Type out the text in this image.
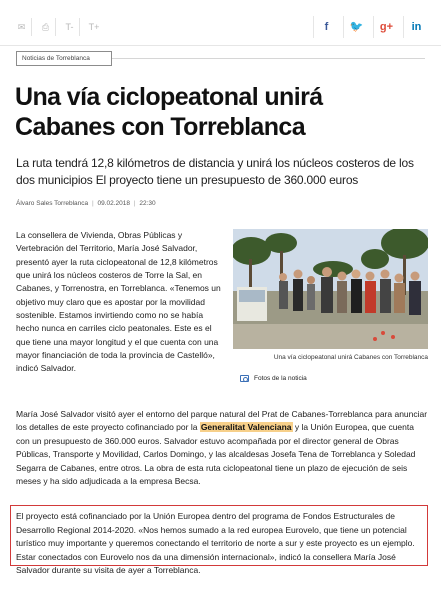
✉	⎙	T-	T+	f	🐦	g+	in
Noticias de Torreblanca
Una vía ciclopeatonal unirá Cabanes con Torreblanca

La ruta tendrá 12,8 kilómetros de distancia y unirá los núcleos costeros de los dos municipios El proyecto tiene un presupuesto de 360.000 euros

Álvaro Sales Torreblanca | 09.02.2018 | 22:30

La consellera de Vivienda, Obras Públicas y Vertebración del Territorio, María José Salvador, presentó ayer la ruta ciclopeatonal de 12,8 kilómetros que unirá los núcleos costeros de Torre la Sal, en Cabanes, y Torrenostra, en Torreblanca. «Tenemos un objetivo muy claro que es apostar por la movilidad sostenible. Estamos invirtiendo como no se había hecho nunca en carriles ciclo peatonales. Este es el que tiene una mayor longitud y el que cuenta con una mayor financiación de toda la provincia de Castelló», indicó Salvador.

Una vía ciclopeatonal unirá Cabanes con Torreblanca
Fotos de la noticia

María José Salvador visitó ayer el entorno del parque natural del Prat de Cabanes-Torreblanca para anunciar los detalles de este proyecto cofinanciado por la Generalitat Valenciana y la Unión Europea, que cuenta con un presupuesto de 360.000 euros. Salvador estuvo acompañada por el director general de Obras Públicas, Transporte y Movilidad, Carlos Domingo, y las alcaldesas Josefa Tena de Torreblanca y Soledad Segarra de Cabanes, entre otros. La obra de esta ruta ciclopeatonal tiene un plazo de ejecución de seis meses y ha sido adjudicada a la empresa Becsa.

El proyecto está cofinanciado por la Unión Europea dentro del programa de Fondos Estructurales de Desarrollo Regional 2014-2020. «Nos hemos sumado a la red europea Eurovelo, que tiene un potencial turístico muy importante y queremos conectando el territorio de norte a sur y este proyecto es un ejemplo. Estar conectados con Eurovelo nos da una dimensión internacional», indicó la consellera María José Salvador durante su visita de ayer a Torreblanca.
